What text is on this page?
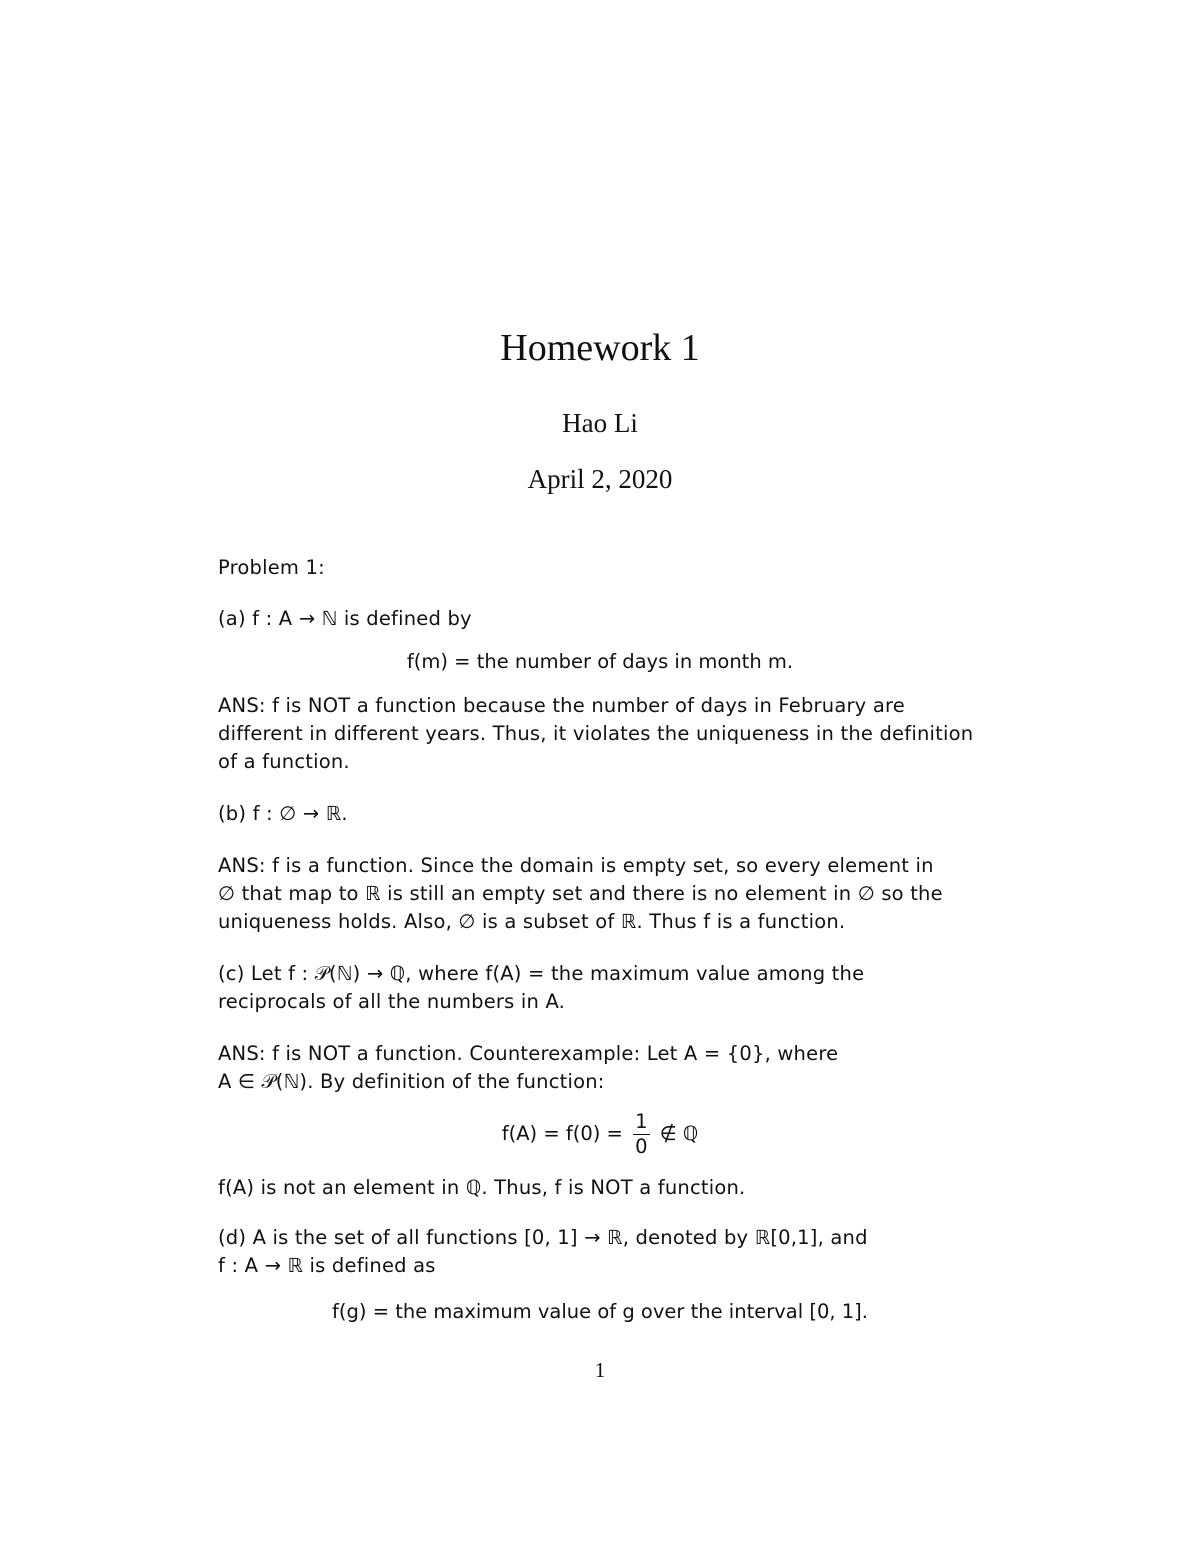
Homework 1
Hao Li
April 2, 2020
Problem 1:
(a) f : A → ℕ is defined by
f(m) = the number of days in month m.
ANS: f is NOT a function because the number of days in February are
different in different years. Thus, it violates the uniqueness in the definition
of a function.
(b) f : ∅ → ℝ.
ANS: f is a function. Since the domain is empty set, so every element in
∅ that map to ℝ is still an empty set and there is no element in ∅ so the
uniqueness holds. Also, ∅ is a subset of ℝ. Thus f is a function.
(c) Let f : 𝒫(ℕ) → ℚ, where f(A) = the maximum value among the
reciprocals of all the numbers in A.
ANS: f is NOT a function. Counterexample: Let A = {0}, where
A ∈ 𝒫(ℕ). By definition of the function:
$f(A) = f(0) = \frac{1}{0}$ ∉ ℚ
f(A) is not an element in ℚ. Thus, f is NOT a function.
(d) A is the set of all functions [0, 1] → ℝ, denoted by ℝ[0,1], and
f : A → ℝ is defined as
f(g) = the maximum value of g over the interval [0, 1].
1
